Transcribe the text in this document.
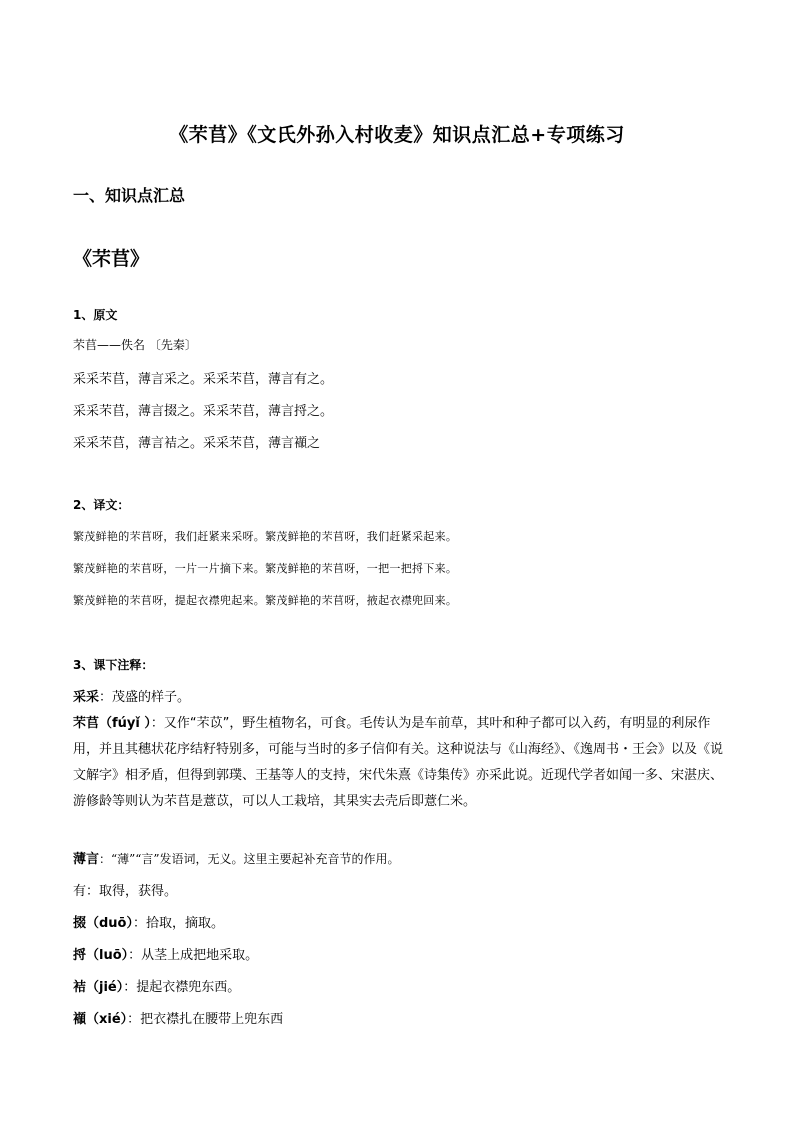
《芣苢》《文氏外孙入村收麦》知识点汇总+专项练习
一、知识点汇总
《芣苢》
1、原文
芣苢——佚名 〔先秦〕
采采芣苢，薄言采之。采采芣苢，薄言有之。
采采芣苢，薄言掇之。采采芣苢，薄言捋之。
采采芣苢，薄言袺之。采采芣苢，薄言襭之
2、译文：
繁茂鲜艳的芣苢呀，我们赶紧来采呀。繁茂鲜艳的芣苢呀，我们赶紧采起来。
繁茂鲜艳的芣苢呀，一片一片摘下来。繁茂鲜艳的芣苢呀，一把一把捋下来。
繁茂鲜艳的芣苢呀，提起衣襟兜起来。繁茂鲜艳的芣苢呀，掖起衣襟兜回来。
3、课下注释：
采采：茂盛的样子。
芣苢（fúyǐ ）：又作“芣苡”，野生植物名，可食。毛传认为是车前草，其叶和种子都可以入药，有明显的利尿作用，并且其穗状花序结籽特别多，可能与当时的多子信仰有关。这种说法与《山海经》、《逸周书・王会》以及《说文解字》相矛盾，但得到郭璞、王基等人的支持，宋代朱熹《诗集传》亦采此说。近现代学者如闻一多、宋湛庆、游修龄等则认为芣苢是薏苡，可以人工栽培，其果实去壳后即薏仁米。
薄言：“薄”“言”发语词，无义。这里主要起补充音节的作用。
有：取得，获得。
掇（duō）：拾取，摘取。
捋（luō）：从茎上成把地采取。
袺（jié）：提起衣襟兜东西。
襭（xié）：把衣襟扎在腰带上兜东西
